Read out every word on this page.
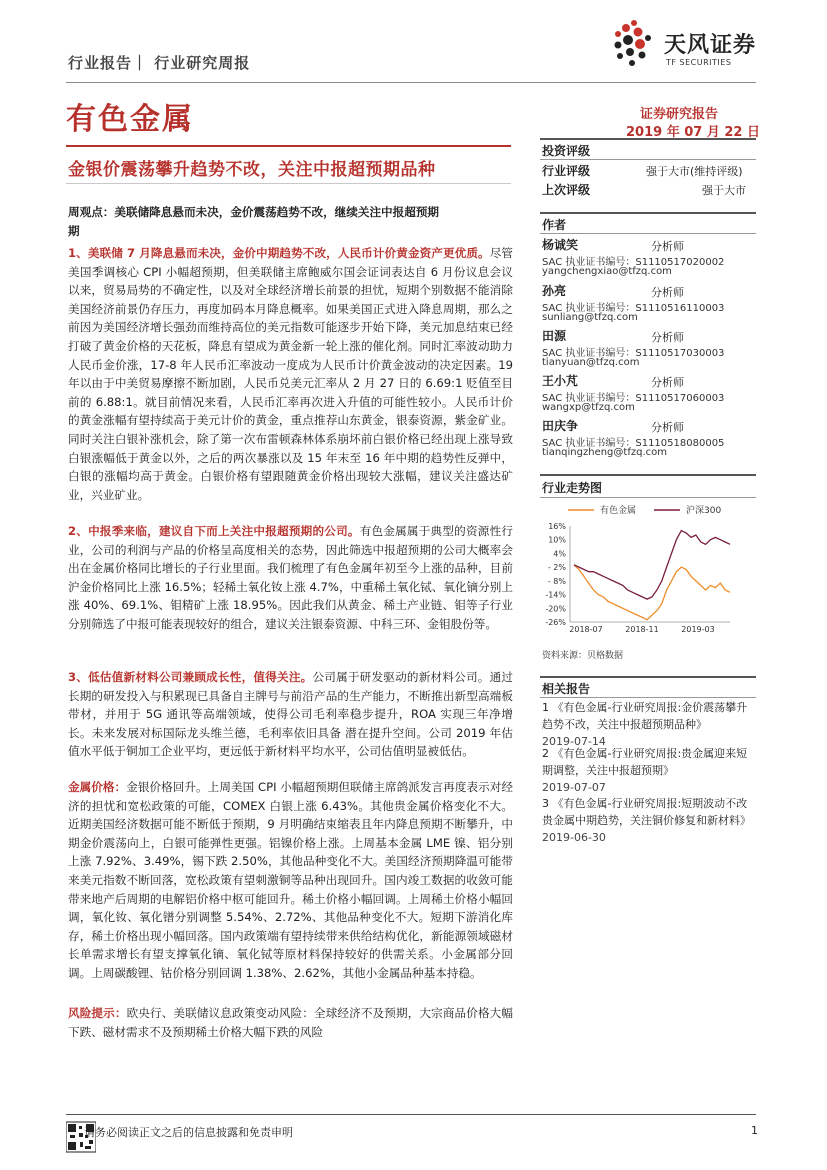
行业报告｜ 行业研究周报
天风证券
TF SECURITIES
有色金属	证券研究报告
2019 年 07 月 22 日
金银价震荡攀升趋势不改，关注中报超预期品种
周观点：美联储降息悬而未决，金价震荡趋势不改，继续关注中报超预期
期
1、美联储 7 月降息悬而未决，金价中期趋势不改，人民币计价黄金资产更优质。尽管美国季调核心 CPI 小幅超预期，但美联储主席鲍威尔国会证词表达自 6 月份议息会议以来，贸易局势的不确定性，以及对全球经济增长前景的担忧，短期个别数据不能消除美国经济前景仍存压力，再度加码本月降息概率。如果美国正式进入降息周期，那么之前因为美国经济增长强劲而维持高位的美元指数可能逐步开始下降，美元加息结束已经打破了黄金价格的天花板，降息有望成为黄金新一轮上涨的催化剂。同时汇率波动助力人民币金价涨，17-8 年人民币汇率波动一度成为人民币计价黄金波动的决定因素。19 年以由于中美贸易摩擦不断加剧，人民币兑美元汇率从 2 月 27 日的 6.69:1 贬值至目前的 6.88:1。就目前情况来看，人民币汇率再次进入升值的可能性较小。人民币计价的黄金涨幅有望持续高于美元计价的黄金，重点推荐山东黄金，银泰资源，紫金矿业。同时关注白银补涨机会，除了第一次布雷顿森林体系崩坏前白银价格已经出现上涨导致白银涨幅低于黄金以外，之后的两次暴涨以及 15 年末至 16 年中期的趋势性反弹中，白银的涨幅均高于黄金。白银价格有望跟随黄金价格出现较大涨幅，建议关注盛达矿业，兴业矿业。
2、中报季来临，建议自下而上关注中报超预期的公司。有色金属属于典型的资源性行业，公司的利润与产品的价格呈高度相关的态势，因此筛选中报超预期的公司大概率会出在金属价格同比增长的子行业里面。我们梳理了有色金属年初至今上涨的品种，目前沪金价格同比上涨 16.5%；轻稀土氧化钕上涨 4.7%，中重稀土氧化铽、氧化镝分别上涨 40%、69.1%、钼精矿上涨 18.95%。因此我们从黄金、稀土产业链、钼等子行业分别筛选了中报可能表现较好的组合，建议关注银泰资源、中科三环、金钼股份等。
3、低估值新材料公司兼顾成长性，值得关注。公司属于研发驱动的新材料公司。通过长期的研发投入与积累现已具备自主牌号与前沿产品的生产能力，不断推出新型高端板带材，并用于 5G 通讯等高端领域，使得公司毛利率稳步提升，ROA 实现三年净增长。未来发展对标国际龙头维兰德，毛利率依旧具备 潜在提升空间。公司 2019 年估值水平低于铜加工企业平均，更远低于新材料平均水平，公司估值明显被低估。
金属价格：金银价格回升。上周美国 CPI 小幅超预期但联储主席鸽派发言再度表示对经济的担忧和宽松政策的可能，COMEX 白银上涨 6.43%。其他贵金属价格变化不大。近期美国经济数据可能不断低于预期，9 月明确结束缩表且年内降息预期不断攀升，中期金价震荡向上，白银可能弹性更强。铝镍价格上涨。上周基本金属 LME 镍、铝分别上涨 7.92%、3.49%，锡下跌 2.50%，其他品种变化不大。美国经济预期降温可能带来美元指数不断回落，宽松政策有望刺激铜等品种出现回升。国内竣工数据的收敛可能带来地产后周期的电解铝价格中枢可能回升。稀土价格小幅回调。上周稀土价格小幅回调，氧化钕、氧化镨分别调整 5.54%、2.72%、其他品种变化不大。短期下游消化库存，稀土价格出现小幅回落。国内政策端有望持续带来供给结构优化，新能源领域磁材长单需求增长有望支撑氧化镝、氧化铽等原材料保持较好的供需关系。小金属部分回调。上周碳酸锂、钴价格分别回调 1.38%、2.62%，其他小金属品种基本持稳。
风险提示：欧央行、美联储议息政策变动风险：全球经济不及预期，大宗商品价格大幅下跌、磁材需求不及预期稀土价格大幅下跌的风险
投资评级
行业评级	强于大市(维持评级)
上次评级	强于大市
作者
杨诚笑	分析师
SAC 执业证书编号：S1110517020002
yangchengxiao@tfzq.com
孙亮	分析师
SAC 执业证书编号：S1110516110003
sunliang@tfzq.com
田源	分析师
SAC 执业证书编号：S1110517030003
tianyuan@tfzq.com
王小芃	分析师
SAC 执业证书编号：S1110517060003
wangxp@tfzq.com
田庆争	分析师
SAC 执业证书编号：S1110518080005
tianqingzheng@tfzq.com
行业走势图
有色金属	沪深300
16%
10%
4%
- 2%
- 8%
-14%
-20%
-26%
2018-07	2018-11	2019-03
资料来源：贝格数据
相关报告
1 《有色金属-行业研究周报:金价震荡攀升趋势不改，关注中报超预期品种》
2019-07-14
2 《有色金属-行业研究周报:贵金属迎来短期调整，关注中报超预期》
2019-07-07
3 《有色金属-行业研究周报:短期波动不改贵金属中期趋势，关注铜价修复和新材料》 2019-06-30
请务必阅读正文之后的信息披露和免责申明	1
